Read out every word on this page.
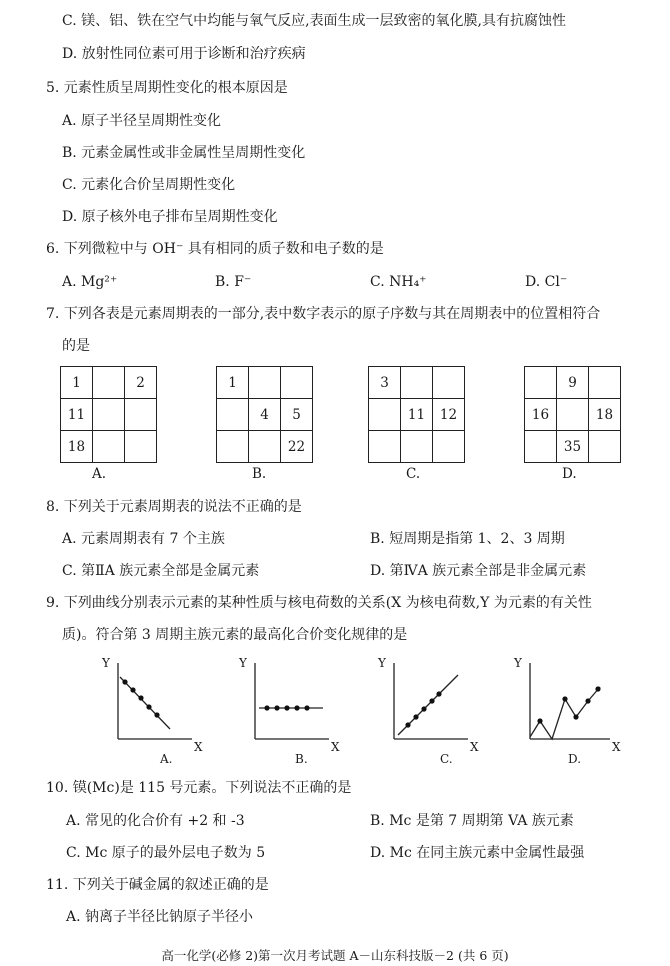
C. 镁、铝、铁在空气中均能与氧气反应,表面生成一层致密的氧化膜,具有抗腐蚀性
D. 放射性同位素可用于诊断和治疗疾病
5. 元素性质呈周期性变化的根本原因是
A. 原子半径呈周期性变化
B. 元素金属性或非金属性呈周期性变化
C. 元素化合价呈周期性变化
D. 原子核外电子排布呈周期性变化
6. 下列微粒中与 OH⁻ 具有相同的质子数和电子数的是
A. Mg²⁺	B. F⁻	C. NH₄⁺	D. Cl⁻
7. 下列各表是元素周期表的一部分,表中数字表示的原子序数与其在周期表中的位置相符合
的是
1		2
11		
18		
A.
1		
	4	5
		22
B.
3		
	11	12

C.
	9	
16		18
	35	
D.
8. 下列关于元素周期表的说法不正确的是
A. 元素周期表有 7 个主族	B. 短周期是指第 1、2、3 周期
C. 第ⅡA 族元素全部是金属元素	D. 第ⅣA 族元素全部是非金属元素
9. 下列曲线分别表示元素的某种性质与核电荷数的关系(X 为核电荷数,Y 为元素的有关性
质)。符合第 3 周期主族元素的最高化合价变化规律的是
Y
X
A.
Y
X
B.
Y
X
C.
Y
X
D.
10. 镆(Mc)是 115 号元素。下列说法不正确的是
A. 常见的化合价有 +2 和 -3	B. Mc 是第 7 周期第 VA 族元素
C. Mc 原子的最外层电子数为 5	D. Mc 在同主族元素中金属性最强
11. 下列关于碱金属的叙述正确的是
A. 钠离子半径比钠原子半径小
高一化学(必修 2)第一次月考试题 A－山东科技版－2 (共 6 页)
